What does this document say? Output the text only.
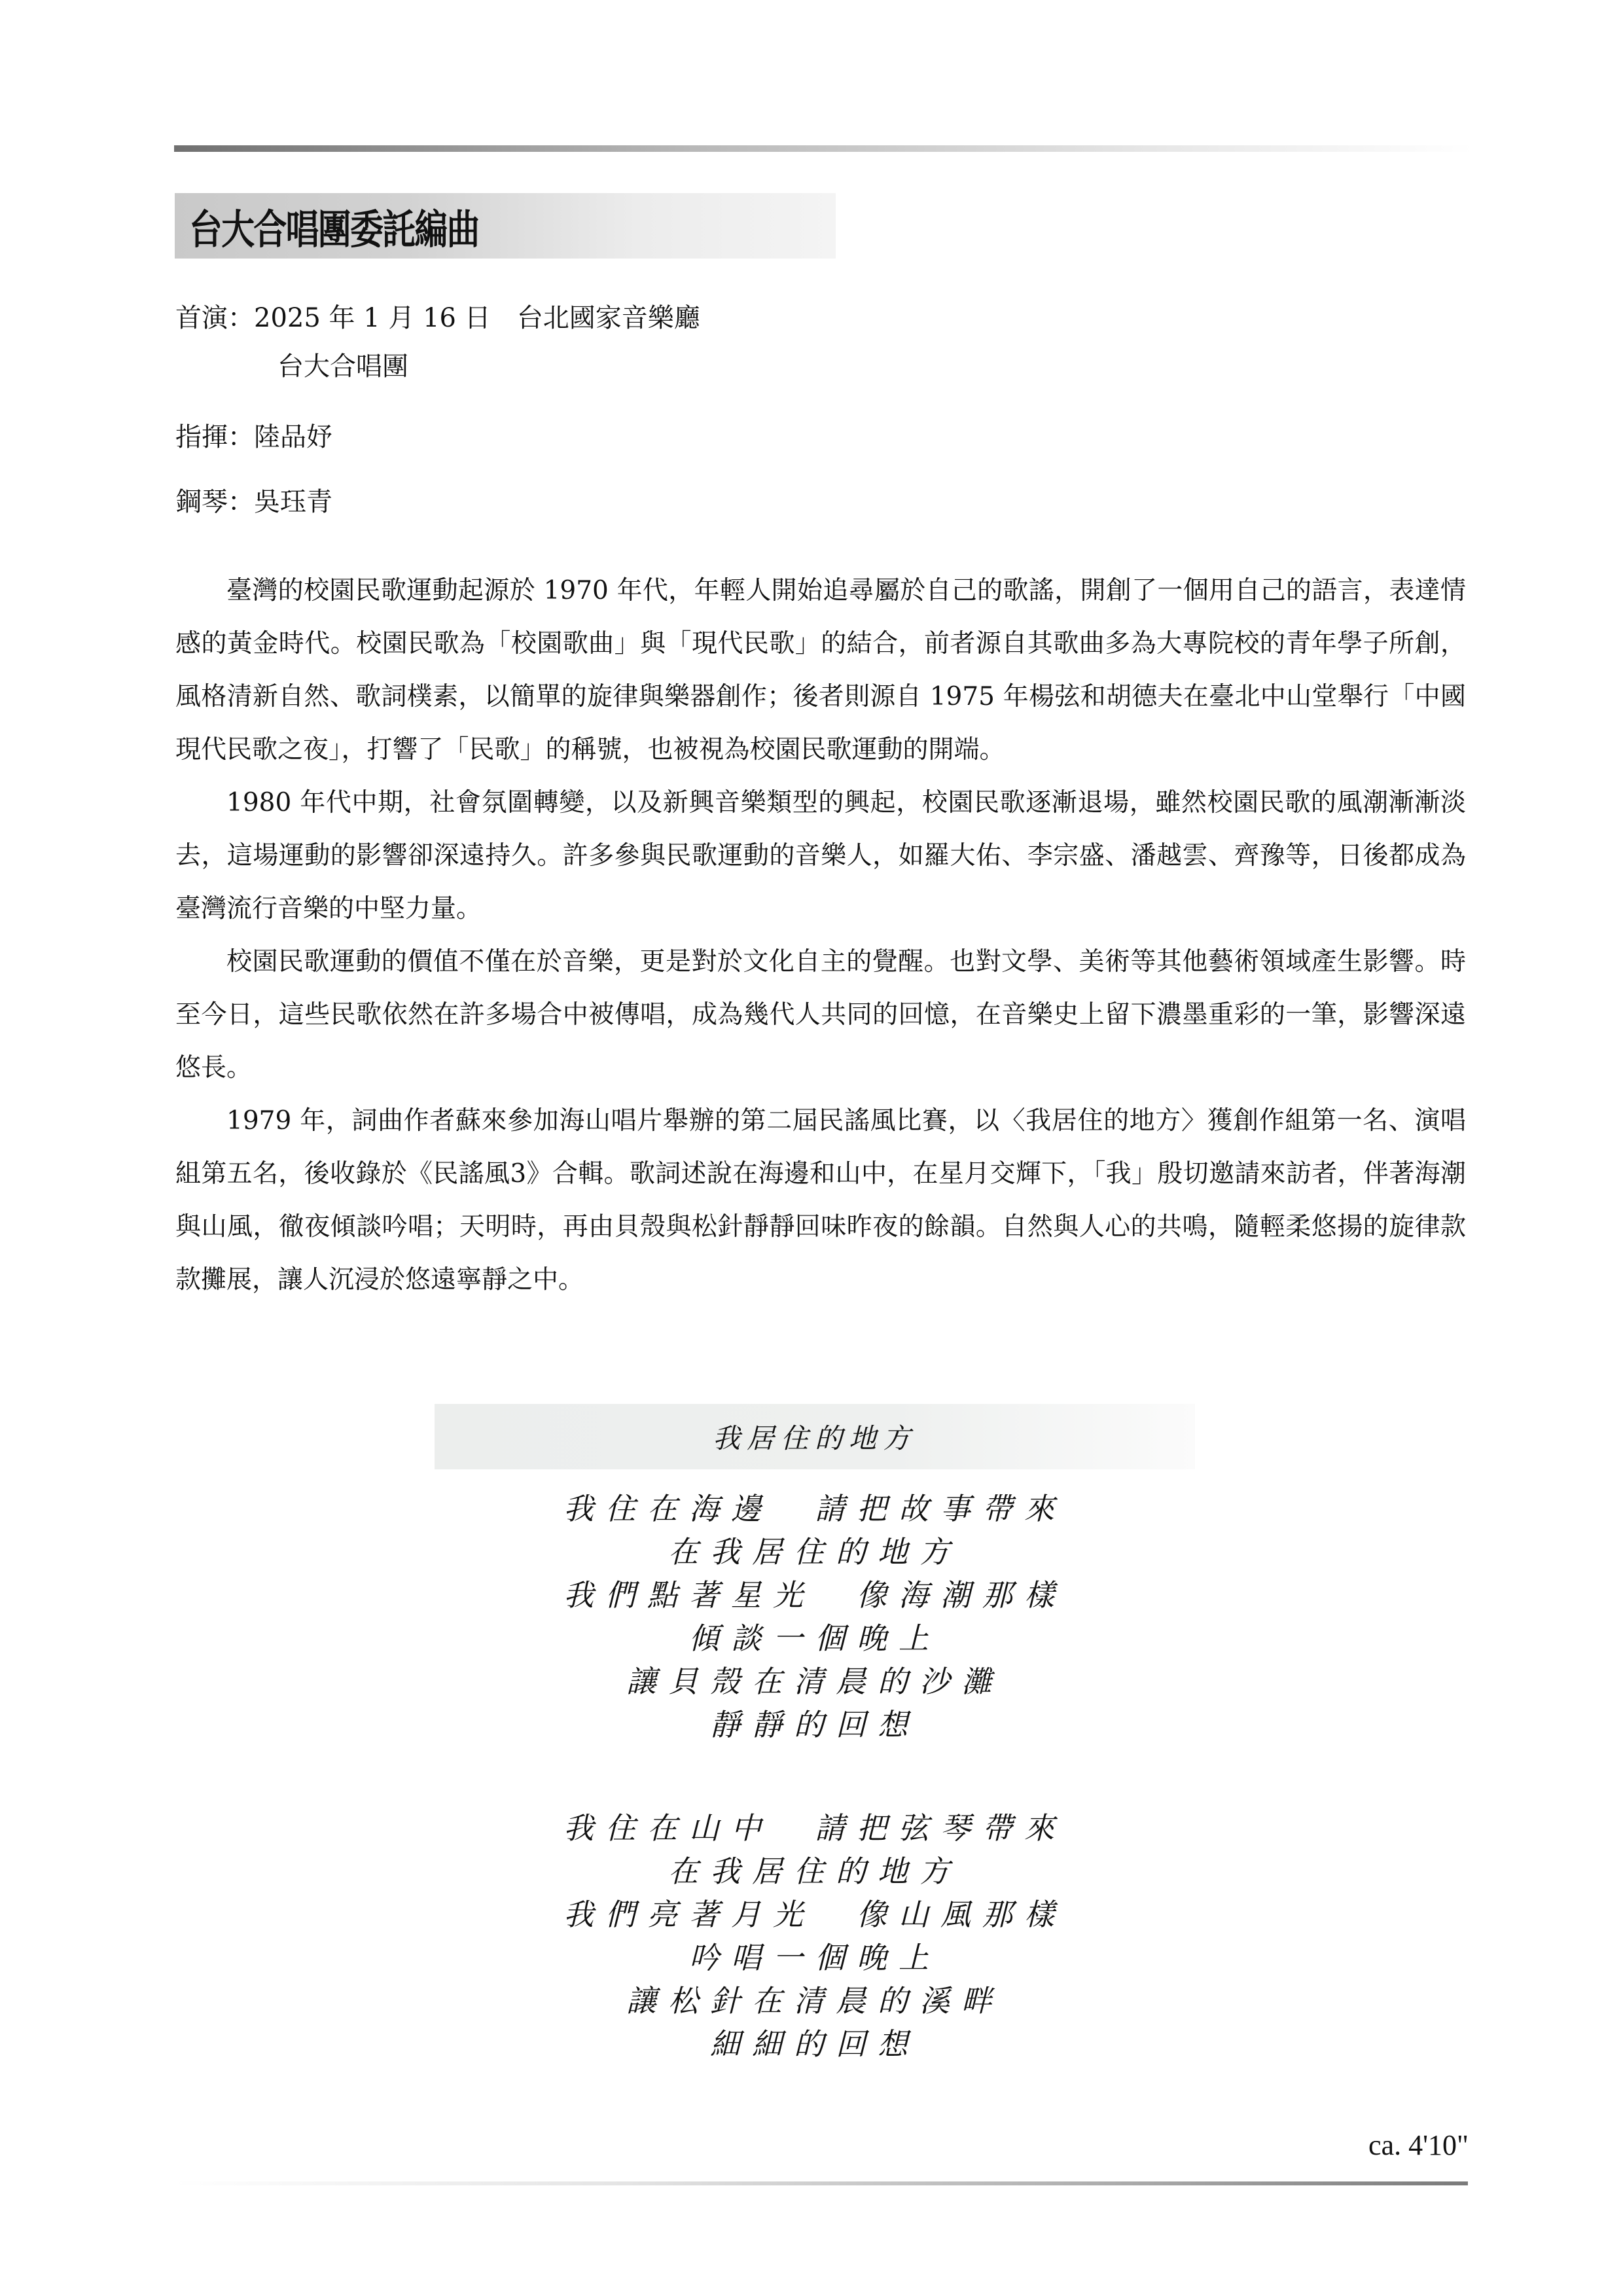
台大合唱團委託編曲
首演：2025 年 1 月 16 日　台北國家音樂廳
台大合唱團
指揮：陸品妤
鋼琴：吳珏青

臺灣的校園民歌運動起源於 1970 年代，年輕人開始追尋屬於自己的歌謠，開創了一個用自己的語言，表達情感的黃金時代。校園民歌為「校園歌曲」與「現代民歌」的結合，前者源自其歌曲多為大專院校的青年學子所創，風格清新自然、歌詞樸素，以簡單的旋律與樂器創作；後者則源自 1975 年楊弦和胡德夫在臺北中山堂舉行「中國現代民歌之夜」，打響了「民歌」的稱號，也被視為校園民歌運動的開端。

1980 年代中期，社會氛圍轉變，以及新興音樂類型的興起，校園民歌逐漸退場，雖然校園民歌的風潮漸漸淡去，這場運動的影響卻深遠持久。許多參與民歌運動的音樂人，如羅大佑、李宗盛、潘越雲、齊豫等，日後都成為臺灣流行音樂的中堅力量。

校園民歌運動的價值不僅在於音樂，更是對於文化自主的覺醒。也對文學、美術等其他藝術領域產生影響。時至今日，這些民歌依然在許多場合中被傳唱，成為幾代人共同的回憶，在音樂史上留下濃墨重彩的一筆，影響深遠悠長。

1979 年，詞曲作者蘇來參加海山唱片舉辦的第二屆民謠風比賽，以〈我居住的地方〉獲創作組第一名、演唱組第五名，後收錄於《民謠風3》合輯。歌詞述說在海邊和山中，在星月交輝下，「我」殷切邀請來訪者，伴著海潮與山風，徹夜傾談吟唱；天明時，再由貝殼與松針靜靜回味昨夜的餘韻。自然與人心的共鳴，隨輕柔悠揚的旋律款款攤展，讓人沉浸於悠遠寧靜之中。

我居住的地方
我住在海邊　請把故事帶來
在我居住的地方
我們點著星光　像海潮那樣
傾談一個晚上
讓貝殼在清晨的沙灘
靜靜的回想
我住在山中　請把弦琴帶來
在我居住的地方
我們亮著月光　像山風那樣
吟唱一個晚上
讓松針在清晨的溪畔
細細的回想
ca. 4'10"
